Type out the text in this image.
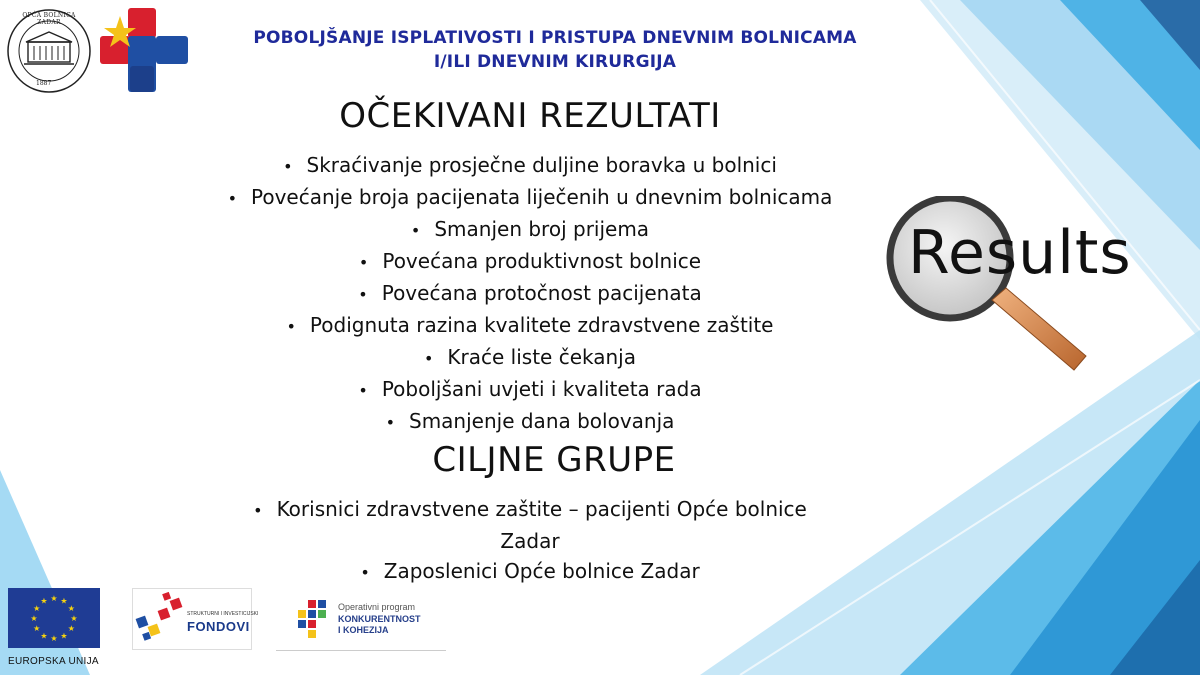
OPĆA BOLNICA ZADAR
1887
POBOLJŠANJE ISPLATIVOSTI I PRISTUPA DNEVNIM BOLNICAMA
I/ILI DNEVNIM KIRURGIJA
OČEKIVANI REZULTATI
• Skraćivanje prosječne duljine boravka u bolnici
• Povećanje broja pacijenata liječenih u dnevnim bolnicama
• Smanjen broj prijema
• Povećana produktivnost bolnice
• Povećana protočnost pacijenata
• Podignuta razina kvalitete zdravstvene zaštite
• Kraće liste čekanja
• Poboljšani uvjeti i kvaliteta rada
• Smanjenje dana bolovanja
CILJNE GRUPE
• Korisnici zdravstvene zaštite – pacijenti Opće bolnice Zadar
• Zaposlenici Opće bolnice Zadar
Results
★
★
★
★
★
★
★
★
★ ★ ★
★
EUROPSKA UNIJA
STRUKTURNI I INVESTICIJSKI
FONDOVI
Operativni program
KONKURENTNOST
I KOHEZIJA
